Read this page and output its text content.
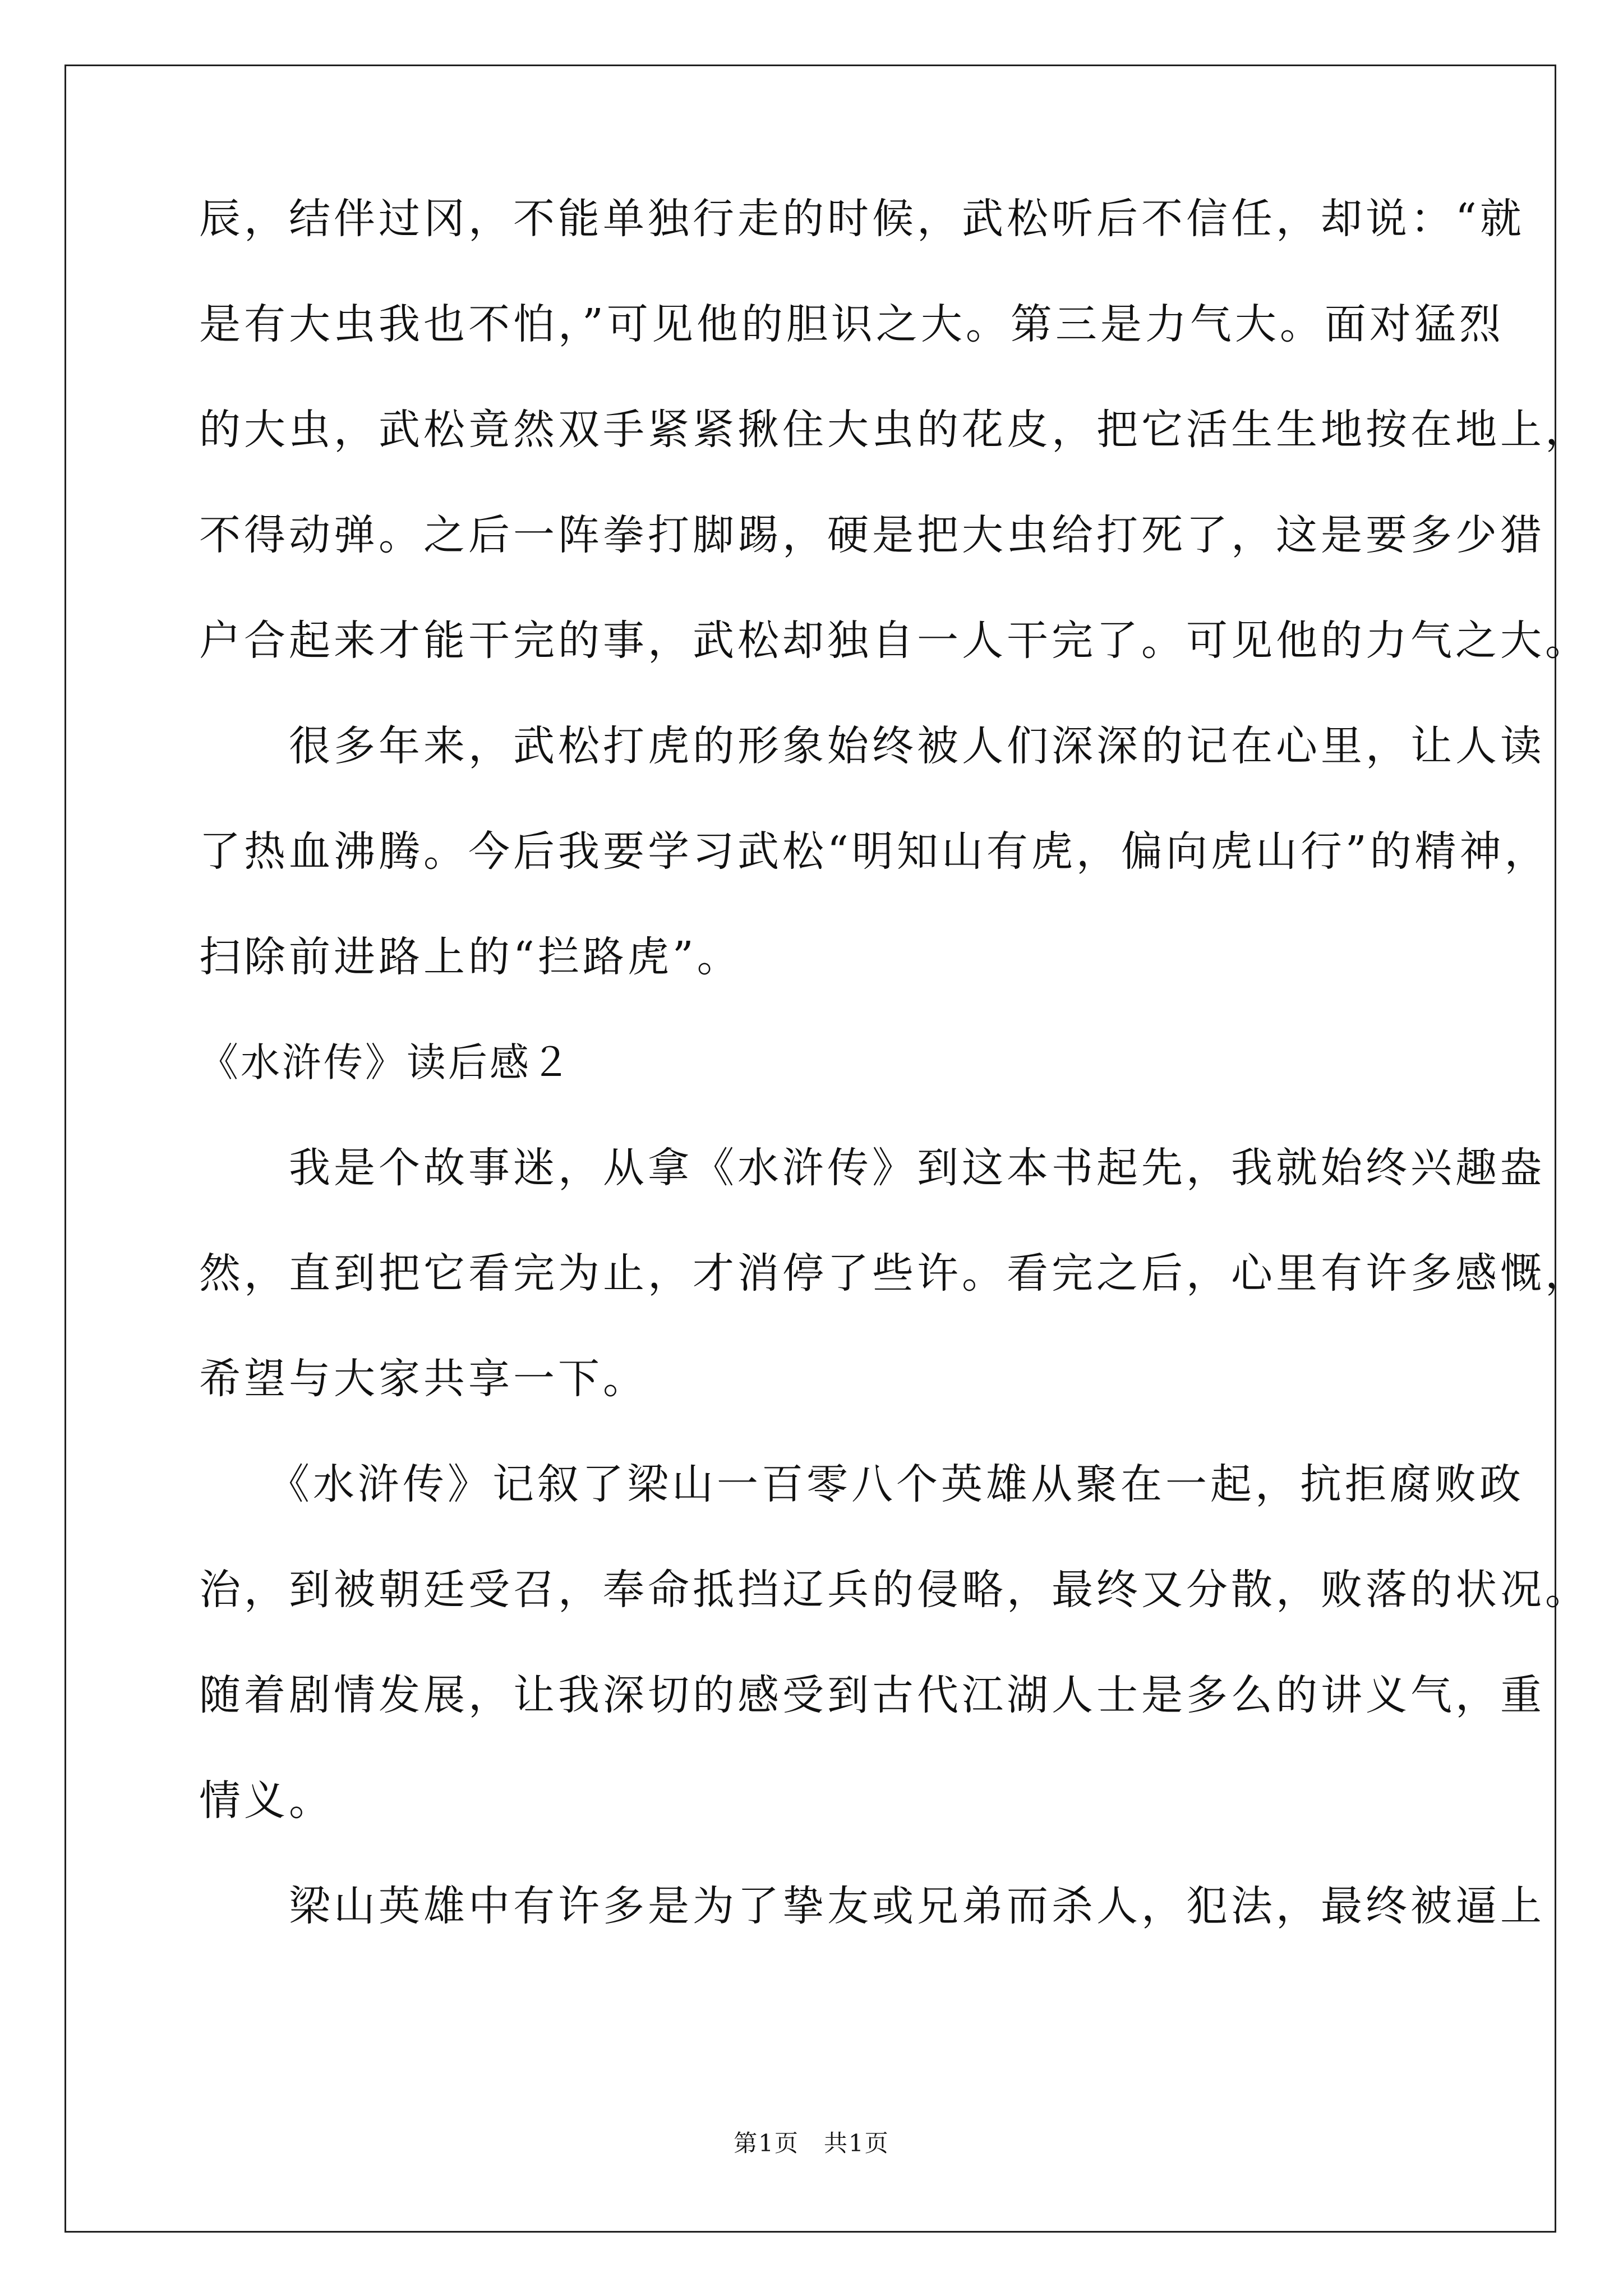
辰，结伴过冈，不能单独行走的时候，武松听后不信任，却说：“就
是有大虫我也不怕，”可见他的胆识之大。第三是力气大。面对猛烈
的大虫，武松竟然双手紧紧揪住大虫的花皮，把它活生生地按在地上，
不得动弹。之后一阵拳打脚踢，硬是把大虫给打死了，这是要多少猎
户合起来才能干完的事，武松却独自一人干完了。可见他的力气之大。
　　很多年来，武松打虎的形象始终被人们深深的记在心里，让人读
了热血沸腾。今后我要学习武松“明知山有虎，偏向虎山行”的精神，
扫除前进路上的“拦路虎”。
《水浒传》读后感２
　　我是个故事迷，从拿《水浒传》到这本书起先，我就始终兴趣盎
然，直到把它看完为止，才消停了些许。看完之后，心里有许多感慨，
希望与大家共享一下。
　　《水浒传》记叙了梁山一百零八个英雄从聚在一起，抗拒腐败政
治，到被朝廷受召，奉命抵挡辽兵的侵略，最终又分散，败落的状况。
随着剧情发展，让我深切的感受到古代江湖人士是多么的讲义气，重
情义。
　　梁山英雄中有许多是为了挚友或兄弟而杀人，犯法，最终被逼上
第1页　共1页
